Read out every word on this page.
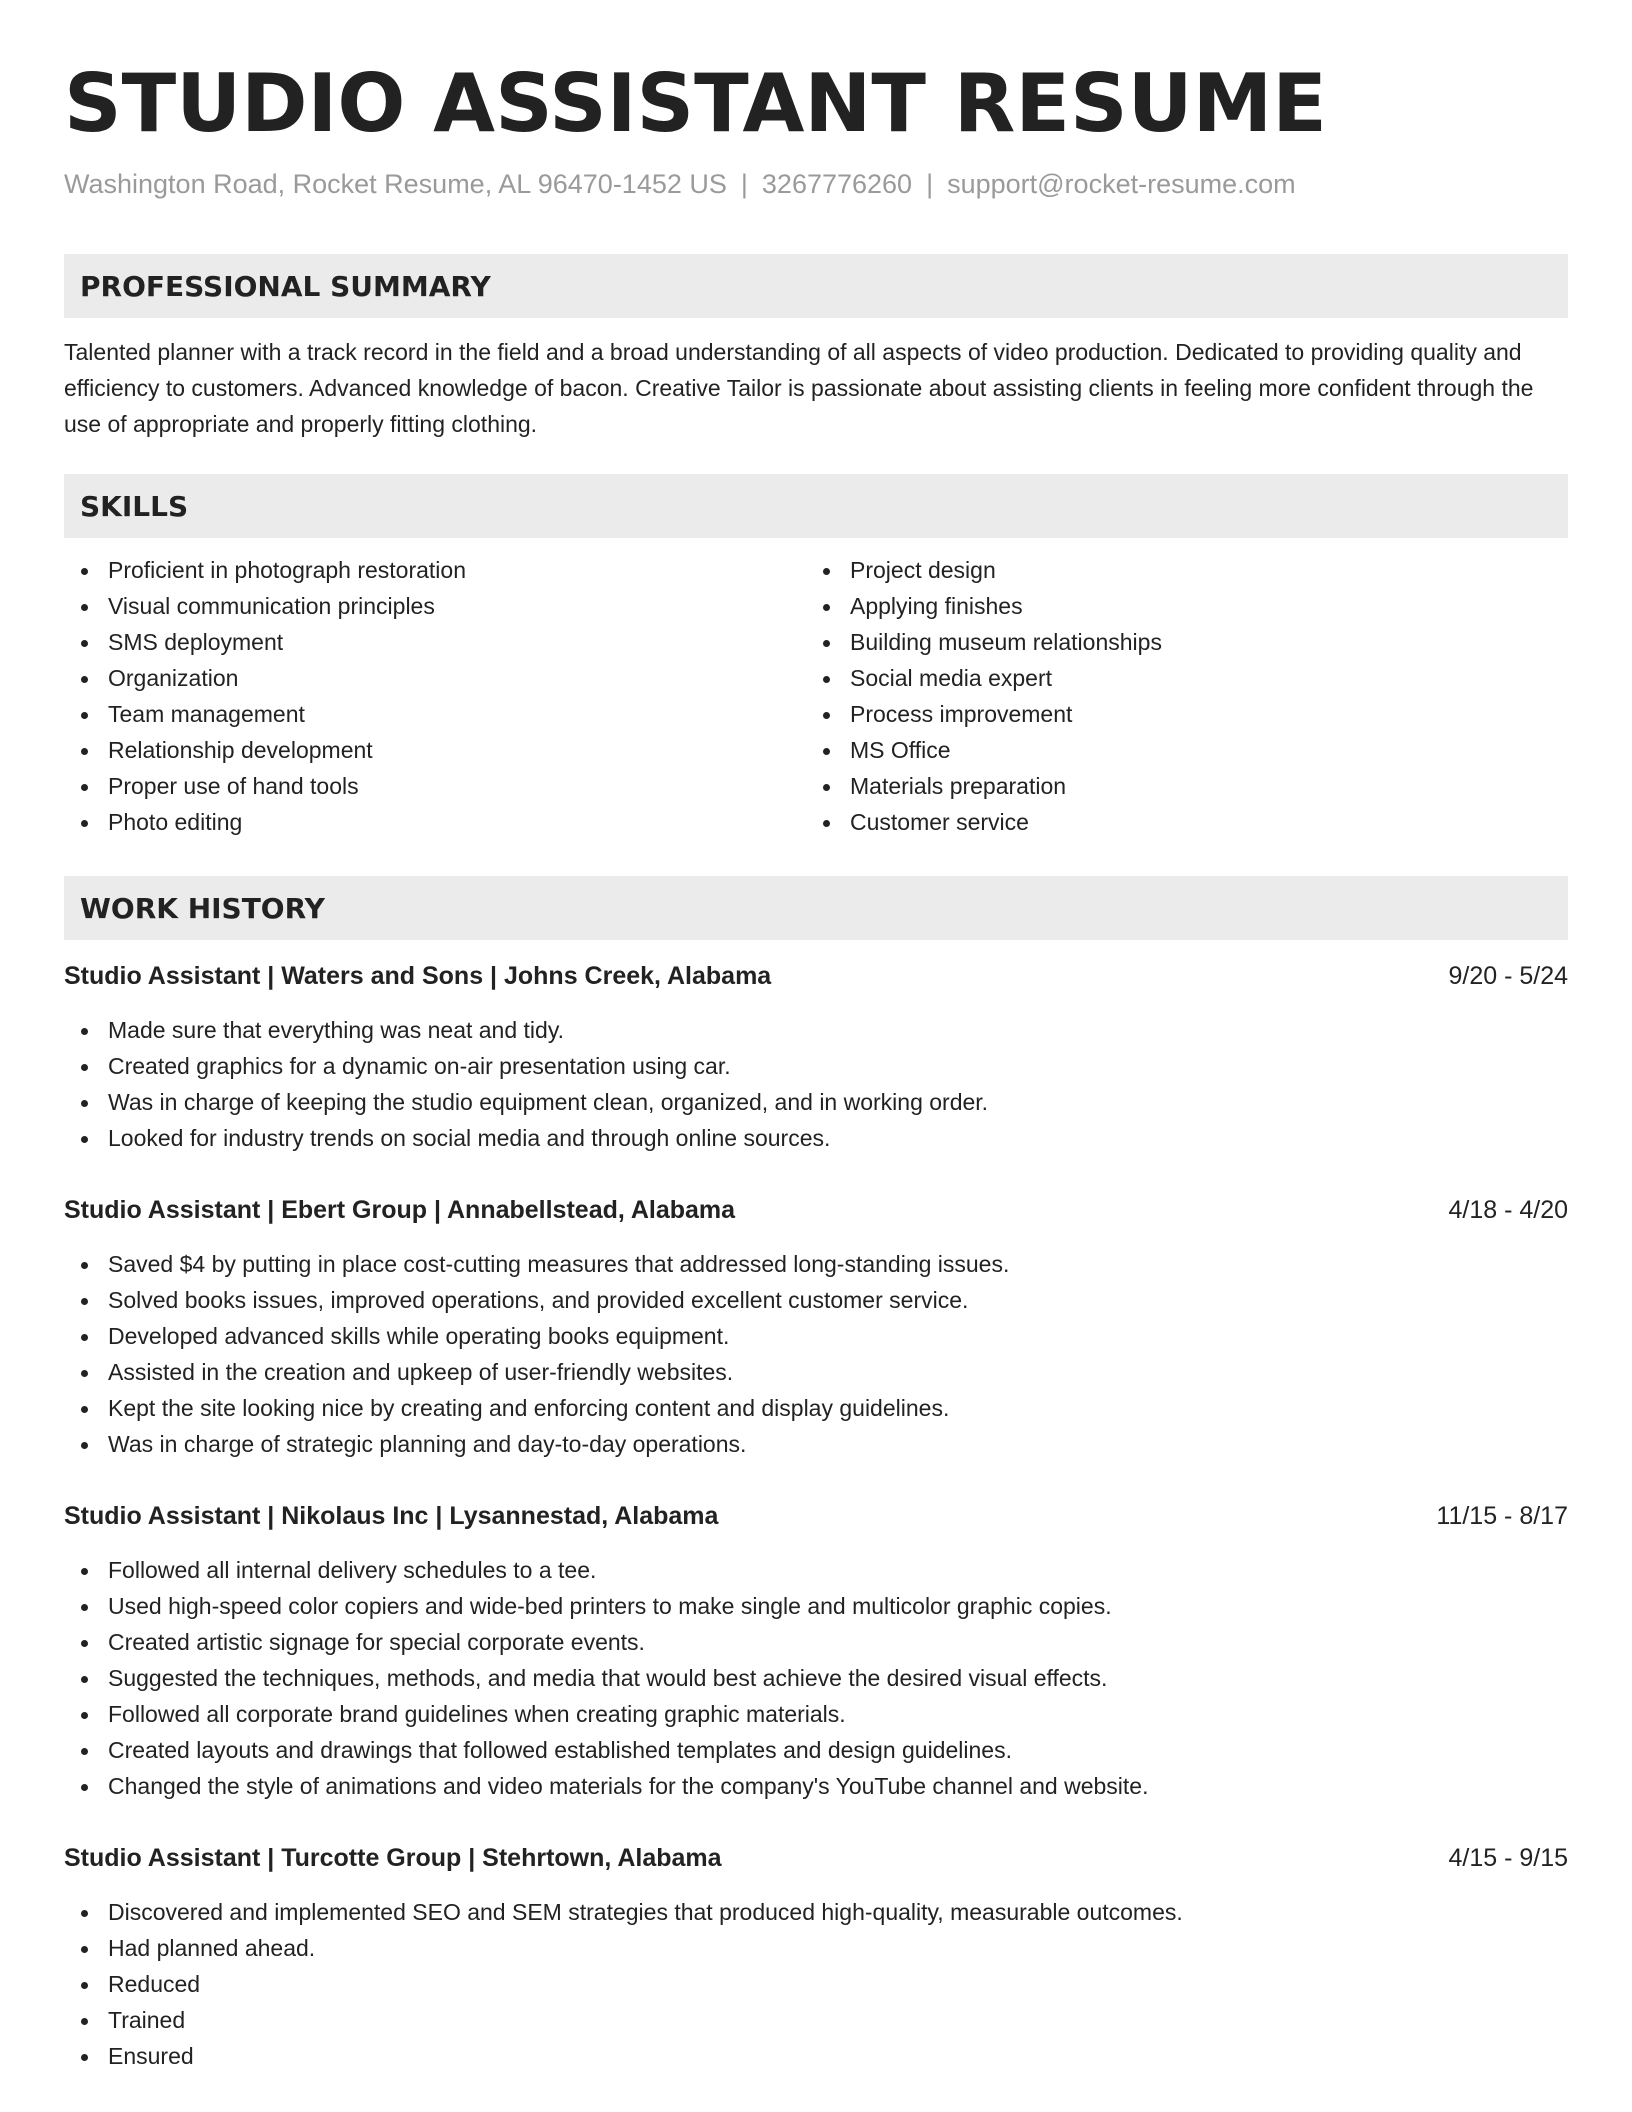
STUDIO ASSISTANT RESUME
Washington Road, Rocket Resume, AL 96470-1452 US | 3267776260 | support@rocket-resume.com
PROFESSIONAL SUMMARY

Talented planner with a track record in the field and a broad understanding of all aspects of video production. Dedicated to providing quality and efficiency to customers. Advanced knowledge of bacon. Creative Tailor is passionate about assisting clients in feeling more confident through the use of appropriate and properly fitting clothing.

SKILLS
Proficient in photograph restoration
Visual communication principles
SMS deployment
Organization
Team management
Relationship development
Proper use of hand tools
Photo editing
Project design
Applying finishes
Building museum relationships
Social media expert
Process improvement
MS Office
Materials preparation
Customer service
WORK HISTORY
Studio Assistant | Waters and Sons | Johns Creek, Alabama	9/20 - 5/24
Made sure that everything was neat and tidy.
Created graphics for a dynamic on-air presentation using car.
Was in charge of keeping the studio equipment clean, organized, and in working order.
Looked for industry trends on social media and through online sources.
Studio Assistant | Ebert Group | Annabellstead, Alabama	4/18 - 4/20
Saved $4 by putting in place cost-cutting measures that addressed long-standing issues.
Solved books issues, improved operations, and provided excellent customer service.
Developed advanced skills while operating books equipment.
Assisted in the creation and upkeep of user-friendly websites.
Kept the site looking nice by creating and enforcing content and display guidelines.
Was in charge of strategic planning and day-to-day operations.
Studio Assistant | Nikolaus Inc | Lysannestad, Alabama	11/15 - 8/17
Followed all internal delivery schedules to a tee.
Used high-speed color copiers and wide-bed printers to make single and multicolor graphic copies.
Created artistic signage for special corporate events.
Suggested the techniques, methods, and media that would best achieve the desired visual effects.
Followed all corporate brand guidelines when creating graphic materials.
Created layouts and drawings that followed established templates and design guidelines.
Changed the style of animations and video materials for the company's YouTube channel and website.
Studio Assistant | Turcotte Group | Stehrtown, Alabama	4/15 - 9/15
Discovered and implemented SEO and SEM strategies that produced high-quality, measurable outcomes.
Had planned ahead.
Reduced
Trained
Ensured
